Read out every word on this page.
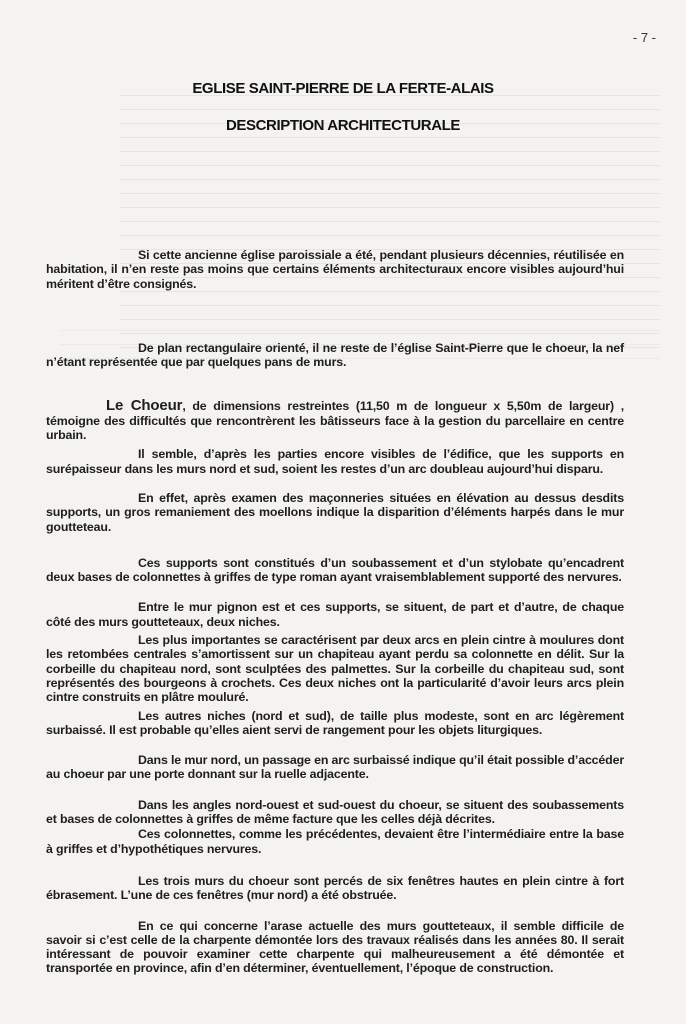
- 7 -
EGLISE SAINT-PIERRE DE LA FERTE-ALAIS
DESCRIPTION ARCHITECTURALE

Si cette ancienne église paroissiale a été, pendant plusieurs décennies, réutilisée en habitation, il n’en reste pas moins que certains éléments architecturaux encore visibles aujourd’hui méritent d’être consignés.

De plan rectangulaire orienté, il ne reste de l’église Saint-Pierre que le choeur, la nef n’étant représentée que par quelques pans de murs.

Le Choeur, de dimensions restreintes (11,50 m de longueur x 5,50m de largeur) , témoigne des difficultés que rencontrèrent les bâtisseurs face à la gestion du parcellaire en centre urbain.

Il semble, d’après les parties encore visibles de l’édifice, que les supports en surépaisseur dans les murs nord et sud, soient les restes d’un arc doubleau aujourd’hui disparu.

En effet, après examen des maçonneries situées en élévation au dessus desdits supports, un gros remaniement des moellons indique la disparition d’éléments harpés dans le mur goutteteau.

Ces supports sont constitués d’un soubassement et d’un stylobate qu’encadrent deux bases de colonnettes à griffes de type roman ayant vraisemblablement supporté des nervures.

Entre le mur pignon est et ces supports, se situent, de part et d’autre, de chaque côté des murs goutteteaux, deux niches.

Les plus importantes se caractérisent par deux arcs en plein cintre à moulures dont les retombées centrales s’amortissent sur un chapiteau ayant perdu sa colonnette en délit. Sur la corbeille du chapiteau nord, sont sculptées des palmettes. Sur la corbeille du chapiteau sud, sont représentés des bourgeons à crochets. Ces deux niches ont la particularité d’avoir leurs arcs plein cintre construits en plâtre mouluré.

Les autres niches (nord et sud), de taille plus modeste, sont en arc légèrement surbaissé. Il est probable qu’elles aient servi de rangement pour les objets liturgiques.

Dans le mur nord, un passage en arc surbaissé indique qu’il était possible d’accéder au choeur par une porte donnant sur la ruelle adjacente.

Dans les angles nord-ouest et sud-ouest du choeur, se situent des soubassements et bases de colonnettes à griffes de même facture que les celles déjà décrites.

Ces colonnettes, comme les précédentes, devaient être l’intermédiaire entre la base à griffes et d’hypothétiques nervures.

Les trois murs du choeur sont percés de six fenêtres hautes en plein cintre à fort ébrasement. L’une de ces fenêtres (mur nord) a été obstruée.

En ce qui concerne l’arase actuelle des murs goutteteaux, il semble difficile de savoir si c’est celle de la charpente démontée lors des travaux réalisés dans les années 80. Il serait intéressant de pouvoir examiner cette charpente qui malheureusement a été démontée et transportée en province, afin d’en déterminer, éventuellement, l’époque de construction.
